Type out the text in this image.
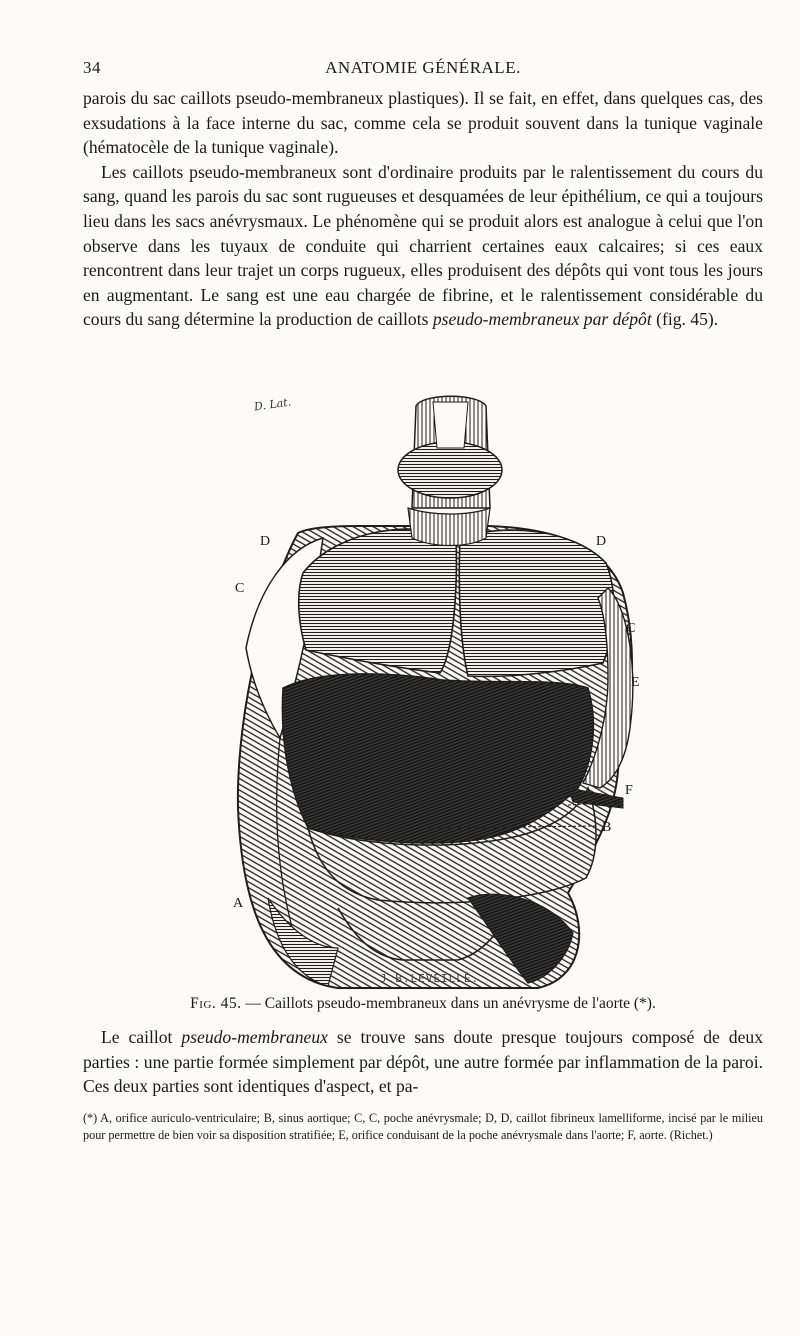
34	ANATOMIE GÉNÉRALE.

parois du sac caillots pseudo-membraneux plastiques). Il se fait, en effet, dans quelques cas, des exsudations à la face interne du sac, comme cela se produit souvent dans la tunique vaginale (hématocèle de la tunique vaginale).

Les caillots pseudo-membraneux sont d'ordinaire produits par le ralentissement du cours du sang, quand les parois du sac sont rugueuses et desquamées de leur épithélium, ce qui a toujours lieu dans les sacs anévrysmaux. Le phénomène qui se produit alors est analogue à celui que l'on observe dans les tuyaux de conduite qui charrient certaines eaux calcaires; si ces eaux rencontrent dans leur trajet un corps rugueux, elles produisent des dépôts qui vont tous les jours en augmentant. Le sang est une eau chargée de fibrine, et le ralentissement considérable du cours du sang détermine la production de caillots pseudo-membraneux par dépôt (fig. 45).

D. Lat.
D	D
C
C
E
F
B
A
J.B.LEVEILLÉ.
Fig. 45. — Caillots pseudo-membraneux dans un anévrysme de l'aorte (*).

Le caillot pseudo-membraneux se trouve sans doute presque toujours composé de deux parties : une partie formée simplement par dépôt, une autre formée par inflammation de la paroi. Ces deux parties sont identiques d'aspect, et pa-

(*) A, orifice auriculo-ventriculaire; B, sinus aortique; C, C, poche anévrysmale; D, D, caillot fibrineux lamelliforme, incisé par le milieu pour permettre de bien voir sa disposition stratifiée; E, orifice conduisant de la poche anévrysmale dans l'aorte; F, aorte. (Richet.)
